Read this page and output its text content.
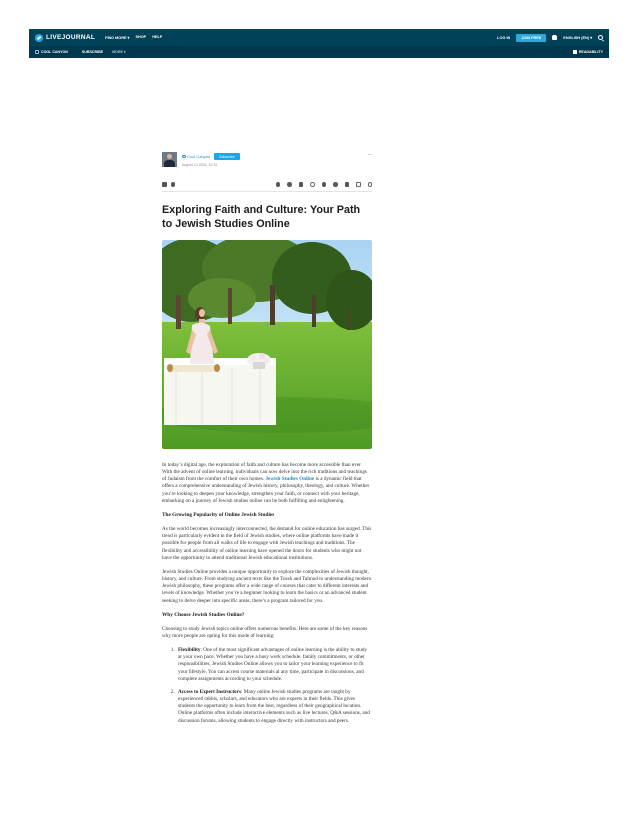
LIVEJOURNAL	FIND MORE ▾ SHOP HELP	LOG IN	JOIN FREE	ENGLISH (EN) ▾
COOL CANYON	SUBSCRIBE	MORE ▾	READABILITY
Cool Canyon	Subscribe
August 14 2024, 12:31
···
Exploring Faith and Culture: Your Path to Jewish Studies Online

In today’s digital age, the exploration of faith and culture has become more accessible than ever. With the advent of online learning, individuals can now delve into the rich traditions and teachings of Judaism from the comfort of their own homes. Jewish Studies Online is a dynamic field that offers a comprehensive understanding of Jewish history, philosophy, theology, and culture. Whether you’re looking to deepen your knowledge, strengthen your faith, or connect with your heritage, embarking on a journey of Jewish studies online can be both fulfilling and enlightening.

The Growing Popularity of Online Jewish Studies

As the world becomes increasingly interconnected, the demand for online education has surged. This trend is particularly evident in the field of Jewish studies, where online platforms have made it possible for people from all walks of life to engage with Jewish teachings and traditions. The flexibility and accessibility of online learning have opened the doors for students who might not have the opportunity to attend traditional Jewish educational institutions.

Jewish Studies Online provides a unique opportunity to explore the complexities of Jewish thought, history, and culture. From studying ancient texts like the Torah and Talmud to understanding modern Jewish philosophy, these programs offer a wide range of courses that cater to different interests and levels of knowledge. Whether you’re a beginner looking to learn the basics or an advanced student seeking to delve deeper into specific areas, there’s a program tailored for you.

Why Choose Jewish Studies Online?

Choosing to study Jewish topics online offers numerous benefits. Here are some of the key reasons why more people are opting for this mode of learning:

1. Flexibility: One of the most significant advantages of online learning is the ability to study at your own pace. Whether you have a busy work schedule, family commitments, or other responsibilities, Jewish Studies Online allows you to tailor your learning experience to fit your lifestyle. You can access course materials at any time, participate in discussions, and complete assignments according to your schedule.
2. Access to Expert Instructors: Many online Jewish studies programs are taught by experienced rabbis, scholars, and educators who are experts in their fields. This gives students the opportunity to learn from the best, regardless of their geographical location. Online platforms often include interactive elements such as live lectures, Q&A sessions, and discussion forums, allowing students to engage directly with instructors and peers.
